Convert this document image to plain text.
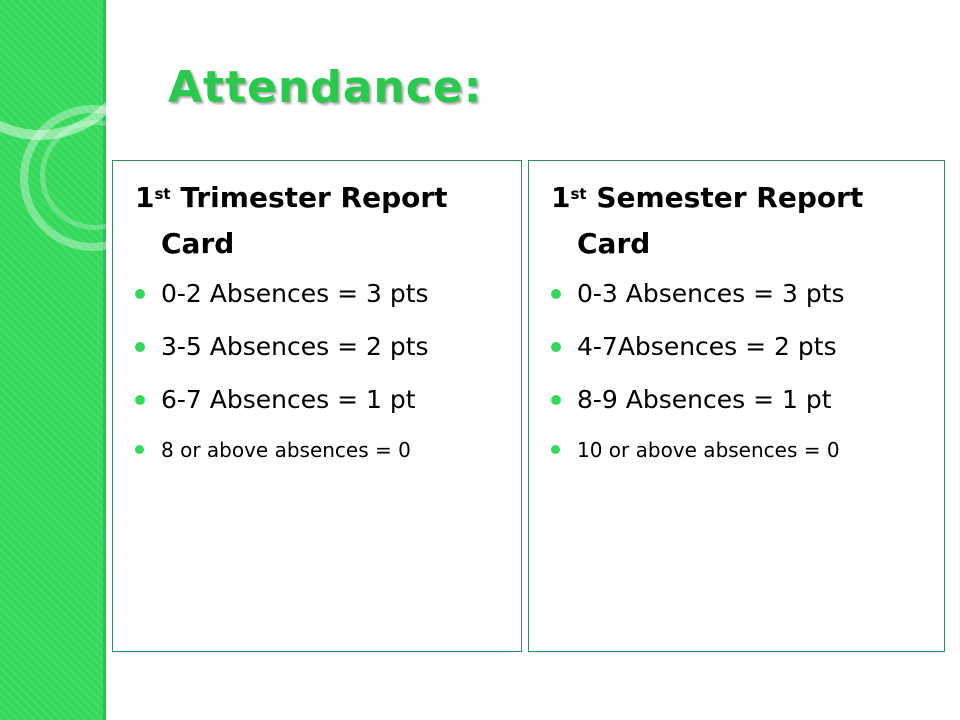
Attendance:
1st Trimester Report
Card
0-2 Absences = 3 pts
3-5 Absences = 2 pts
6-7 Absences = 1 pt
8 or above absences = 0
1st Semester Report
Card
0-3 Absences = 3 pts
4-7Absences = 2 pts
8-9 Absences = 1 pt
10 or above absences = 0
